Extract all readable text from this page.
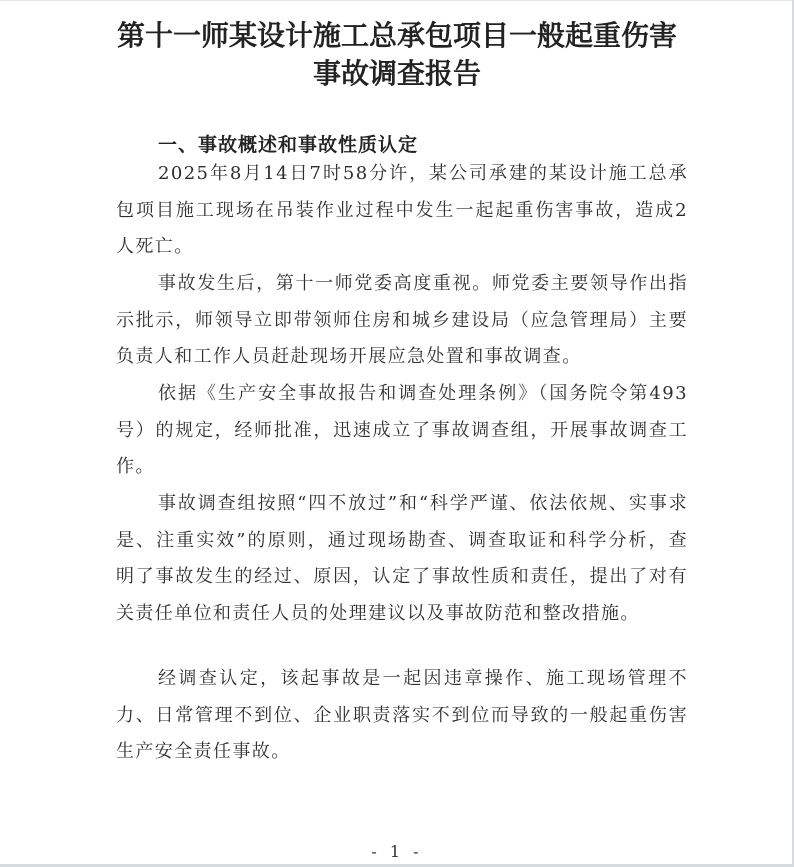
第十一师某设计施工总承包项目一般起重伤害
事故调查报告
一、事故概述和事故性质认定
2025年8月14日7时58分许，某公司承建的某设计施工总承包项目施工现场在吊装作业过程中发生一起起重伤害事故，造成2人死亡。
事故发生后，第十一师党委高度重视。师党委主要领导作出指示批示，师领导立即带领师住房和城乡建设局（应急管理局）主要负责人和工作人员赶赴现场开展应急处置和事故调查。
依据《生产安全事故报告和调查处理条例》（国务院令第493号）的规定，经师批准，迅速成立了事故调查组，开展事故调查工作。
事故调查组按照“四不放过”和“科学严谨、依法依规、实事求是、注重实效”的原则，通过现场勘查、调查取证和科学分析，查明了事故发生的经过、原因，认定了事故性质和责任，提出了对有关责任单位和责任人员的处理建议以及事故防范和整改措施。
经调查认定，该起事故是一起因违章操作、施工现场管理不力、日常管理不到位、企业职责落实不到位而导致的一般起重伤害生产安全责任事故。
- 1 -
